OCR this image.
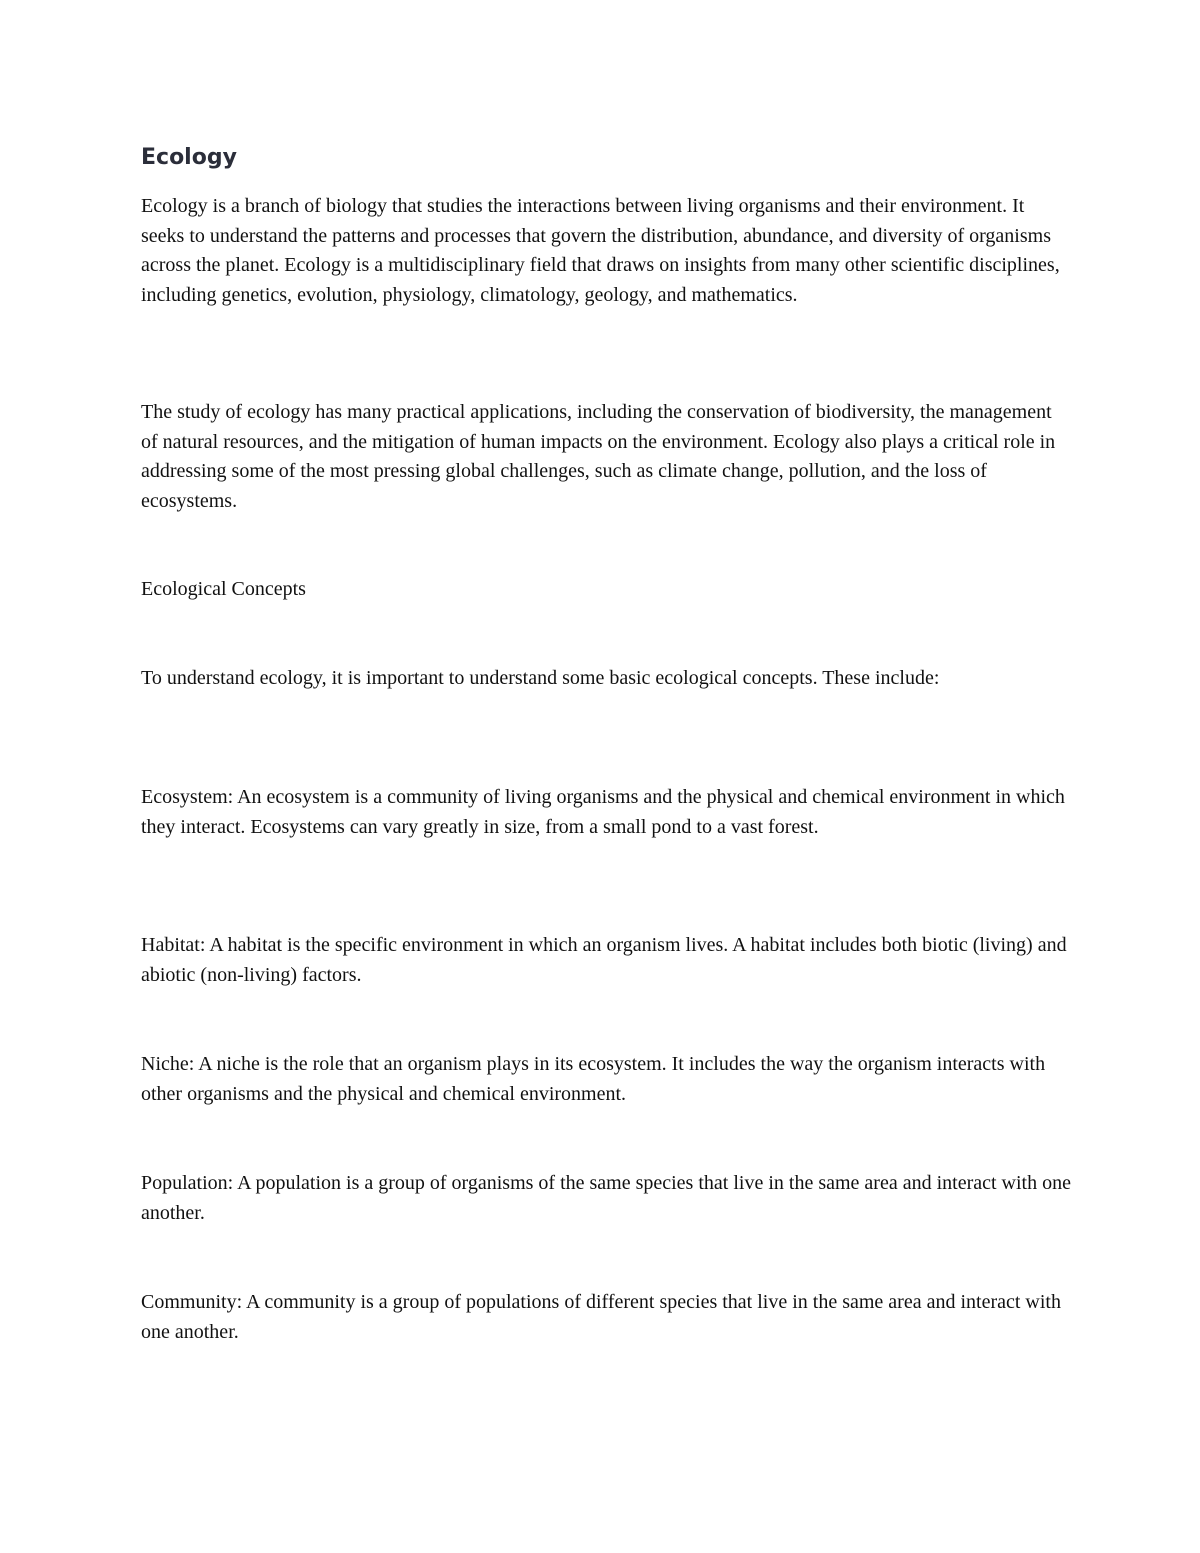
Ecology

Ecology is a branch of biology that studies the interactions between living organisms and their environment. It seeks to understand the patterns and processes that govern the distribution, abundance, and diversity of organisms across the planet. Ecology is a multidisciplinary field that draws on insights from many other scientific disciplines, including genetics, evolution, physiology, climatology, geology, and mathematics.

The study of ecology has many practical applications, including the conservation of biodiversity, the management of natural resources, and the mitigation of human impacts on the environment. Ecology also plays a critical role in addressing some of the most pressing global challenges, such as climate change, pollution, and the loss of ecosystems.

Ecological Concepts

To understand ecology, it is important to understand some basic ecological concepts. These include:

Ecosystem: An ecosystem is a community of living organisms and the physical and chemical environment in which they interact. Ecosystems can vary greatly in size, from a small pond to a vast forest.

Habitat: A habitat is the specific environment in which an organism lives. A habitat includes both biotic (living) and abiotic (non-living) factors.

Niche: A niche is the role that an organism plays in its ecosystem. It includes the way the organism interacts with other organisms and the physical and chemical environment.

Population: A population is a group of organisms of the same species that live in the same area and interact with one another.

Community: A community is a group of populations of different species that live in the same area and interact with one another.
